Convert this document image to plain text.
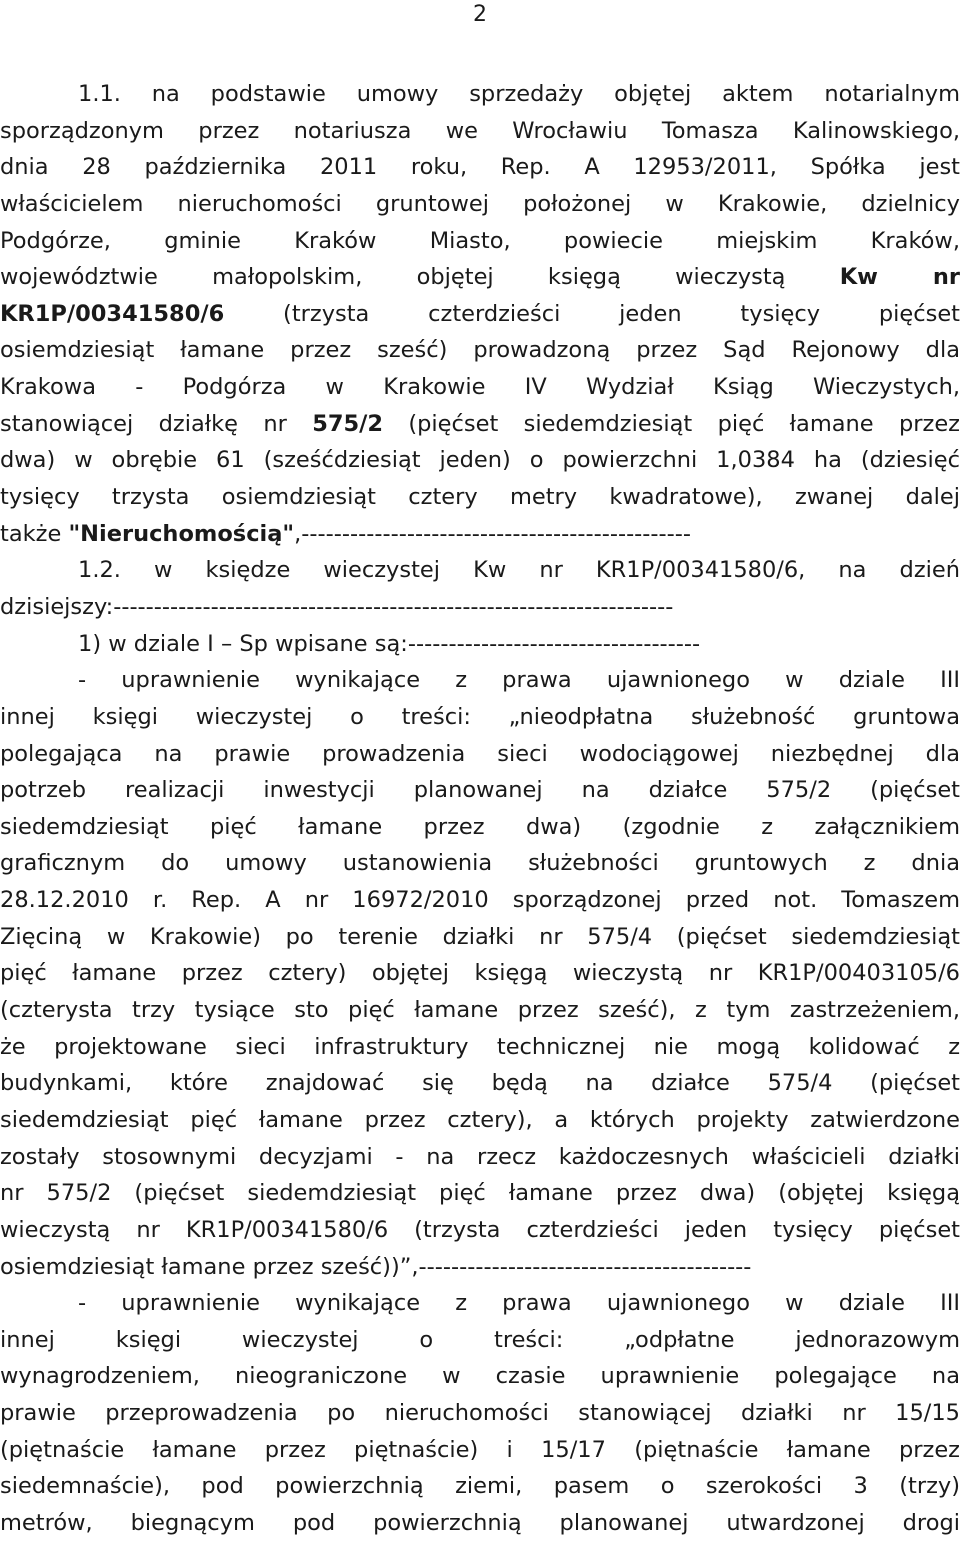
2
1.1. na podstawie umowy sprzedaży objętej aktem notarialnym
sporządzonym przez notariusza we Wrocławiu Tomasza Kalinowskiego,
dnia 28 października 2011 roku, Rep. A 12953/2011, Spółka jest
właścicielem nieruchomości gruntowej położonej w Krakowie, dzielnicy
Podgórze, gminie Kraków Miasto, powiecie miejskim Kraków,
województwie małopolskim, objętej księgą wieczystą Kw nr
KR1P/00341580/6 (trzysta czterdzieści jeden tysięcy pięćset
osiemdziesiąt łamane przez sześć) prowadzoną przez Sąd Rejonowy dla
Krakowa - Podgórza w Krakowie IV Wydział Ksiąg Wieczystych,
stanowiącej działkę nr 575/2 (pięćset siedemdziesiąt pięć łamane przez
dwa) w obrębie 61 (sześćdziesiąt jeden) o powierzchni 1,0384 ha (dziesięć
tysięcy trzysta osiemdziesiąt cztery metry kwadratowe), zwanej dalej
także "Nieruchomością",------------------------------------------------
1.2. w księdze wieczystej Kw nr KR1P/00341580/6, na dzień
dzisiejszy:---------------------------------------------------------------------
1) w dziale I – Sp wpisane są:------------------------------------
- uprawnienie wynikające z prawa ujawnionego w dziale III
innej księgi wieczystej o treści: „nieodpłatna służebność gruntowa
polegająca na prawie prowadzenia sieci wodociągowej niezbędnej dla
potrzeb realizacji inwestycji planowanej na działce 575/2 (pięćset
siedemdziesiąt pięć łamane przez dwa) (zgodnie z załącznikiem
graficznym do umowy ustanowienia służebności gruntowych z dnia
28.12.2010 r. Rep. A nr 16972/2010 sporządzonej przed not. Tomaszem
Zięciną w Krakowie) po terenie działki nr 575/4 (pięćset siedemdziesiąt
pięć łamane przez cztery) objętej księgą wieczystą nr KR1P/00403105/6
(czterysta trzy tysiące sto pięć łamane przez sześć), z tym zastrzeżeniem,
że projektowane sieci infrastruktury technicznej nie mogą kolidować z
budynkami, które znajdować się będą na działce 575/4 (pięćset
siedemdziesiąt pięć łamane przez cztery), a których projekty zatwierdzone
zostały stosownymi decyzjami - na rzecz każdoczesnych właścicieli działki
nr 575/2 (pięćset siedemdziesiąt pięć łamane przez dwa) (objętej księgą
wieczystą nr KR1P/00341580/6 (trzysta czterdzieści jeden tysięcy pięćset
osiemdziesiąt łamane przez sześć))”,-----------------------------------------
- uprawnienie wynikające z prawa ujawnionego w dziale III
innej księgi wieczystej o treści: „odpłatne jednorazowym
wynagrodzeniem, nieograniczone w czasie uprawnienie polegające na
prawie przeprowadzenia po nieruchomości stanowiącej działki nr 15/15
(piętnaście łamane przez piętnaście) i 15/17 (piętnaście łamane przez
siedemnaście), pod powierzchnią ziemi, pasem o szerokości 3 (trzy)
metrów, biegnącym pod powierzchnią planowanej utwardzonej drogi
